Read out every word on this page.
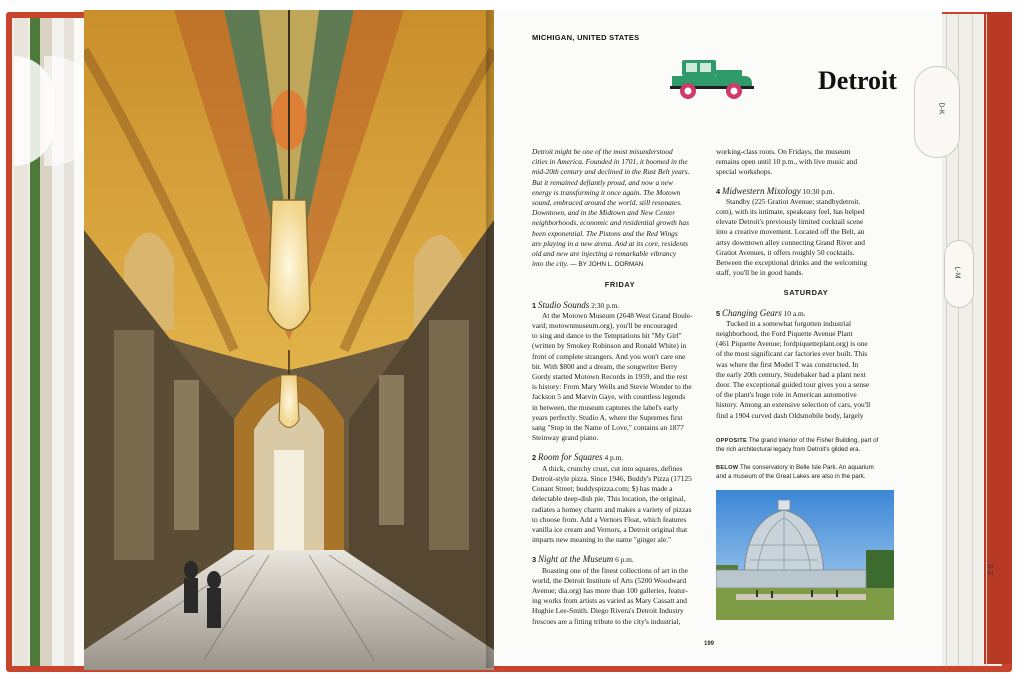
D-K
L-M
S-Z
MICHIGAN, UNITED STATES
Detroit

Detroit might be one of the most misunderstood
cities in America. Founded in 1701, it boomed in the
mid-20th century and declined in the Rust Belt years.
But it remained defiantly proud, and now a new
energy is transforming it once again. The Motown
sound, embraced around the world, still resonates.
Downtown, and in the Midtown and New Center
neighborhoods, economic and residential growth has
been exponential. The Pistons and the Red Wings
are playing in a new arena. And at its core, residents
old and new are injecting a remarkable vibrancy
into the city. — BY JOHN L. DORMAN

FRIDAY

1 Studio Sounds 2:30 p.m.

At the Motown Museum (2648 West Grand Boule-
vard; motownmuseum.org), you'll be encouraged
to sing and dance to the Temptations hit "My Girl"
(written by Smokey Robinson and Ronald White) in
front of complete strangers. And you won't care one
bit. With $800 and a dream, the songwriter Berry
Gordy started Motown Records in 1959, and the rest
is history: From Mary Wells and Stevie Wonder to the
Jackson 5 and Marvin Gaye, with countless legends
in between, the museum captures the label's early
years perfectly. Studio A, where the Supremes first
sang "Stop in the Name of Love," contains an 1877
Steinway grand piano.

2 Room for Squares 4 p.m.

A thick, crunchy crust, cut into squares, defines
Detroit-style pizza. Since 1946, Buddy's Pizza (17125
Conant Street; buddyspizza.com; $) has made a
delectable deep-dish pie. This location, the original,
radiates a homey charm and makes a variety of pizzas
to choose from. Add a Vernors Float, which features
vanilla ice cream and Vernors, a Detroit original that
imparts new meaning to the name "ginger ale."

3 Night at the Museum 6 p.m.

Boasting one of the finest collections of art in the
world, the Detroit Institute of Arts (5200 Woodward
Avenue; dia.org) has more than 100 galleries, featur-
ing works from artists as varied as Mary Cassatt and
Hughie Lee-Smith. Diego Rivera's Detroit Industry
frescoes are a fitting tribute to the city's industrial,

working-class roots. On Fridays, the museum
remains open until 10 p.m., with live music and
special workshops.

4 Midwestern Mixology 10:30 p.m.

Standby (225 Gratiot Avenue; standbydetroit.
com), with its intimate, speakeasy feel, has helped
elevate Detroit's previously limited cocktail scene
into a creative movement. Located off the Belt, an
artsy downtown alley connecting Grand River and
Gratiot Avenues, it offers roughly 50 cocktails.
Between the exceptional drinks and the welcoming
staff, you'll be in good hands.

SATURDAY

5 Changing Gears 10 a.m.

Tucked in a somewhat forgotten industrial
neighborhood, the Ford Piquette Avenue Plant
(461 Piquette Avenue; fordpiquetteplant.org) is one
of the most significant car factories ever built. This
was where the first Model T was constructed. In
the early 20th century, Studebaker had a plant next
door. The exceptional guided tour gives you a sense
of the plant's huge role in American automotive
history. Among an extensive selection of cars, you'll
find a 1904 curved dash Oldsmobile body, largely

OPPOSITE The grand interior of the Fisher Building, part of
the rich architectural legacy from Detroit's gilded era.
BELOW The conservatory in Belle Isle Park. An aquarium
and a museum of the Great Lakes are also in the park.
199
